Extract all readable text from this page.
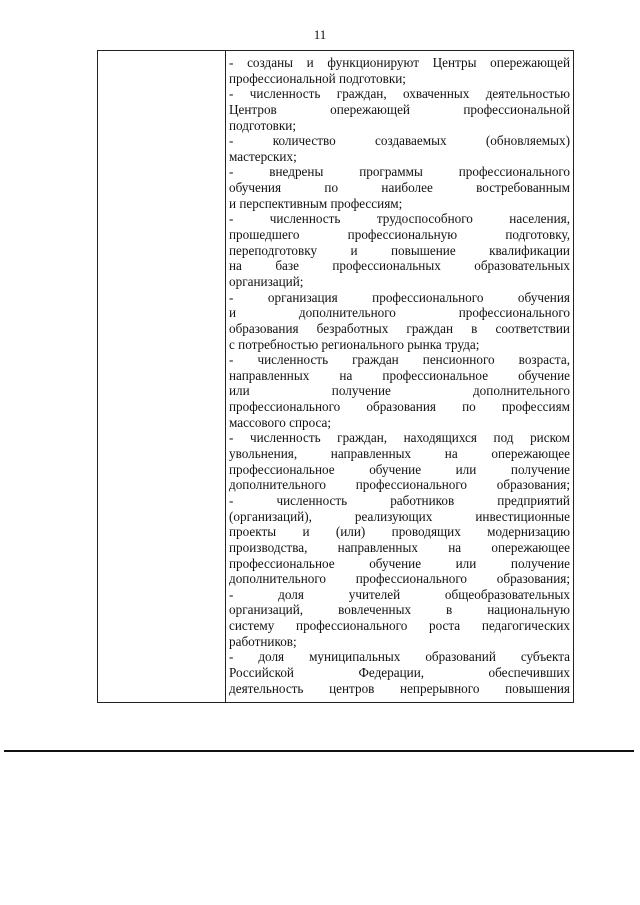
11
- созданы и функционируют Центры опережающей
профессиональной подготовки;
- численность граждан, охваченных деятельностью
Центров опережающей профессиональной
подготовки;
- количество создаваемых (обновляемых)
мастерских;
- внедрены программы профессионального
обучения по наиболее востребованным
и перспективным профессиям;
- численность трудоспособного населения,
прошедшего профессиональную подготовку,
переподготовку и повышение квалификации
на базе профессиональных образовательных
организаций;
- организация профессионального обучения
и дополнительного профессионального
образования безработных граждан в соответствии
с потребностью регионального рынка труда;
- численность граждан пенсионного возраста,
направленных на профессиональное обучение
или получение дополнительного
профессионального образования по профессиям
массового спроса;
- численность граждан, находящихся под риском
увольнения, направленных на опережающее
профессиональное обучение или получение
дополнительного профессионального образования;
- численность работников предприятий
(организаций), реализующих инвестиционные
проекты и (или) проводящих модернизацию
производства, направленных на опережающее
профессиональное обучение или получение
дополнительного профессионального образования;
- доля учителей общеобразовательных
организаций, вовлеченных в национальную
систему профессионального роста педагогических
работников;
- доля муниципальных образований субъекта
Российской Федерации, обеспечивших
деятельность центров непрерывного повышения
